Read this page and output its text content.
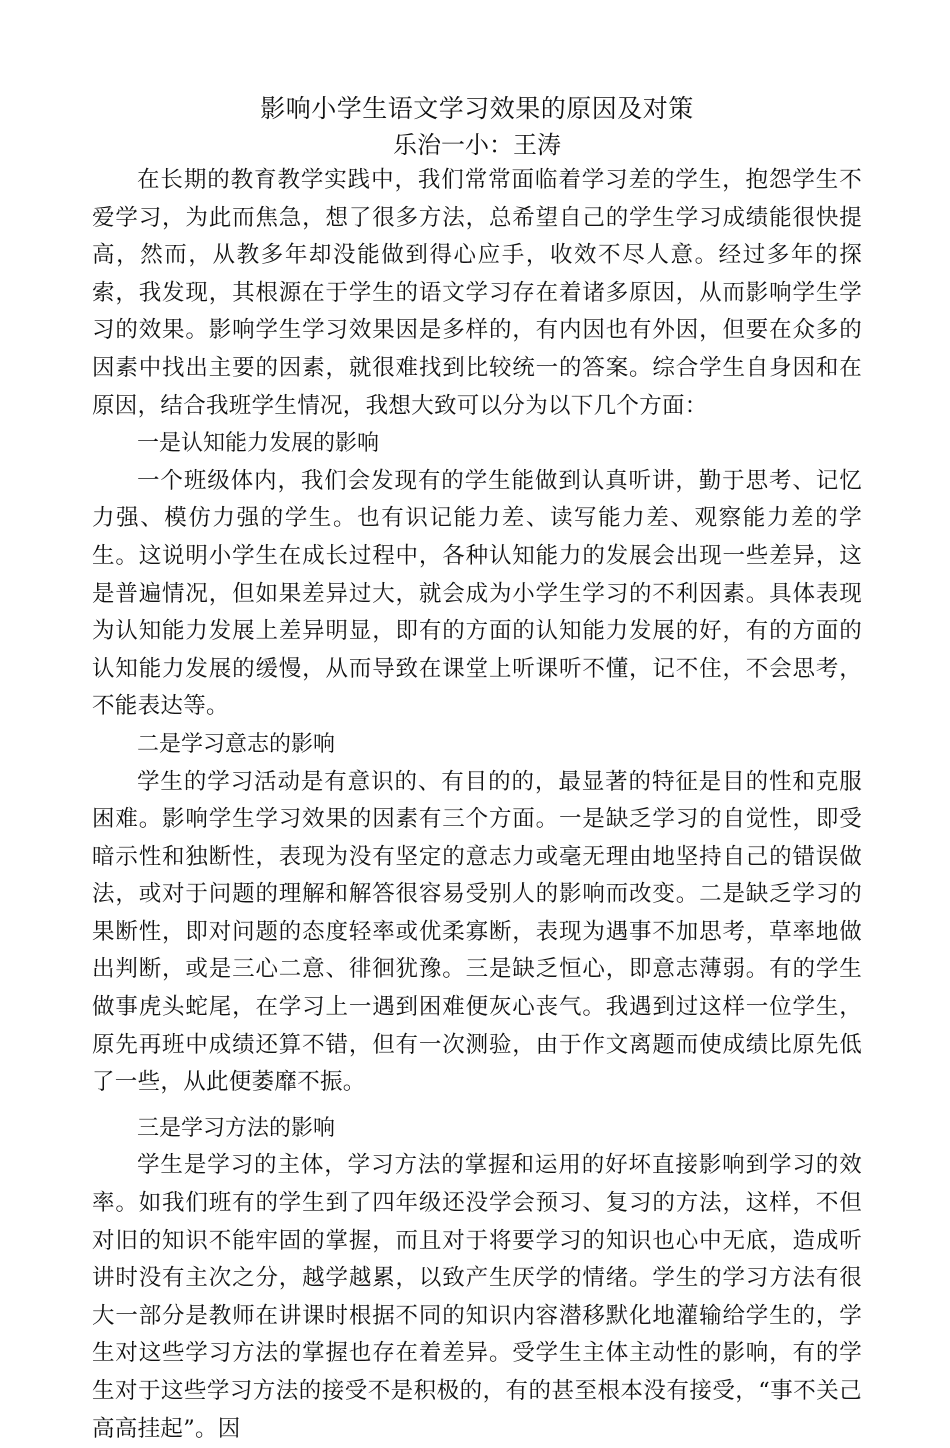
影响小学生语文学习效果的原因及对策

乐治一小：王涛

在长期的教育教学实践中，我们常常面临着学习差的学生，抱怨学生不爱学习，为此而焦急，想了很多方法，总希望自己的学生学习成绩能很快提高，然而，从教多年却没能做到得心应手，收效不尽人意。经过多年的探索，我发现，其根源在于学生的语文学习存在着诸多原因，从而影响学生学习的效果。影响学生学习效果因是多样的，有内因也有外因，但要在众多的因素中找出主要的因素，就很难找到比较统一的答案。综合学生自身因和在原因，结合我班学生情况，我想大致可以分为以下几个方面：

一是认知能力发展的影响

一个班级体内，我们会发现有的学生能做到认真听讲，勤于思考、记忆力强、模仿力强的学生。也有识记能力差、读写能力差、观察能力差的学生。这说明小学生在成长过程中，各种认知能力的发展会出现一些差异，这是普遍情况，但如果差异过大，就会成为小学生学习的不利因素。具体表现为认知能力发展上差异明显，即有的方面的认知能力发展的好，有的方面的认知能力发展的缓慢，从而导致在课堂上听课听不懂，记不住，不会思考，不能表达等。

二是学习意志的影响

学生的学习活动是有意识的、有目的的，最显著的特征是目的性和克服困难。影响学生学习效果的因素有三个方面。一是缺乏学习的自觉性，即受暗示性和独断性，表现为没有坚定的意志力或毫无理由地坚持自己的错误做法，或对于问题的理解和解答很容易受别人的影响而改变。二是缺乏学习的果断性，即对问题的态度轻率或优柔寡断，表现为遇事不加思考，草率地做出判断，或是三心二意、徘徊犹豫。三是缺乏恒心，即意志薄弱。有的学生做事虎头蛇尾，在学习上一遇到困难便灰心丧气。我遇到过这样一位学生，原先再班中成绩还算不错，但有一次测验，由于作文离题而使成绩比原先低了一些，从此便萎靡不振。

三是学习方法的影响

学生是学习的主体，学习方法的掌握和运用的好坏直接影响到学习的效率。如我们班有的学生到了四年级还没学会预习、复习的方法，这样，不但对旧的知识不能牢固的掌握，而且对于将要学习的知识也心中无底，造成听讲时没有主次之分，越学越累，以致产生厌学的情绪。学生的学习方法有很大一部分是教师在讲课时根据不同的知识内容潜移默化地灌输给学生的，学生对这些学习方法的掌握也存在着差异。受学生主体主动性的影响，有的学生对于这些学习方法的接受不是积极的，有的甚至根本没有接受，“事不关己高高挂起”。因
